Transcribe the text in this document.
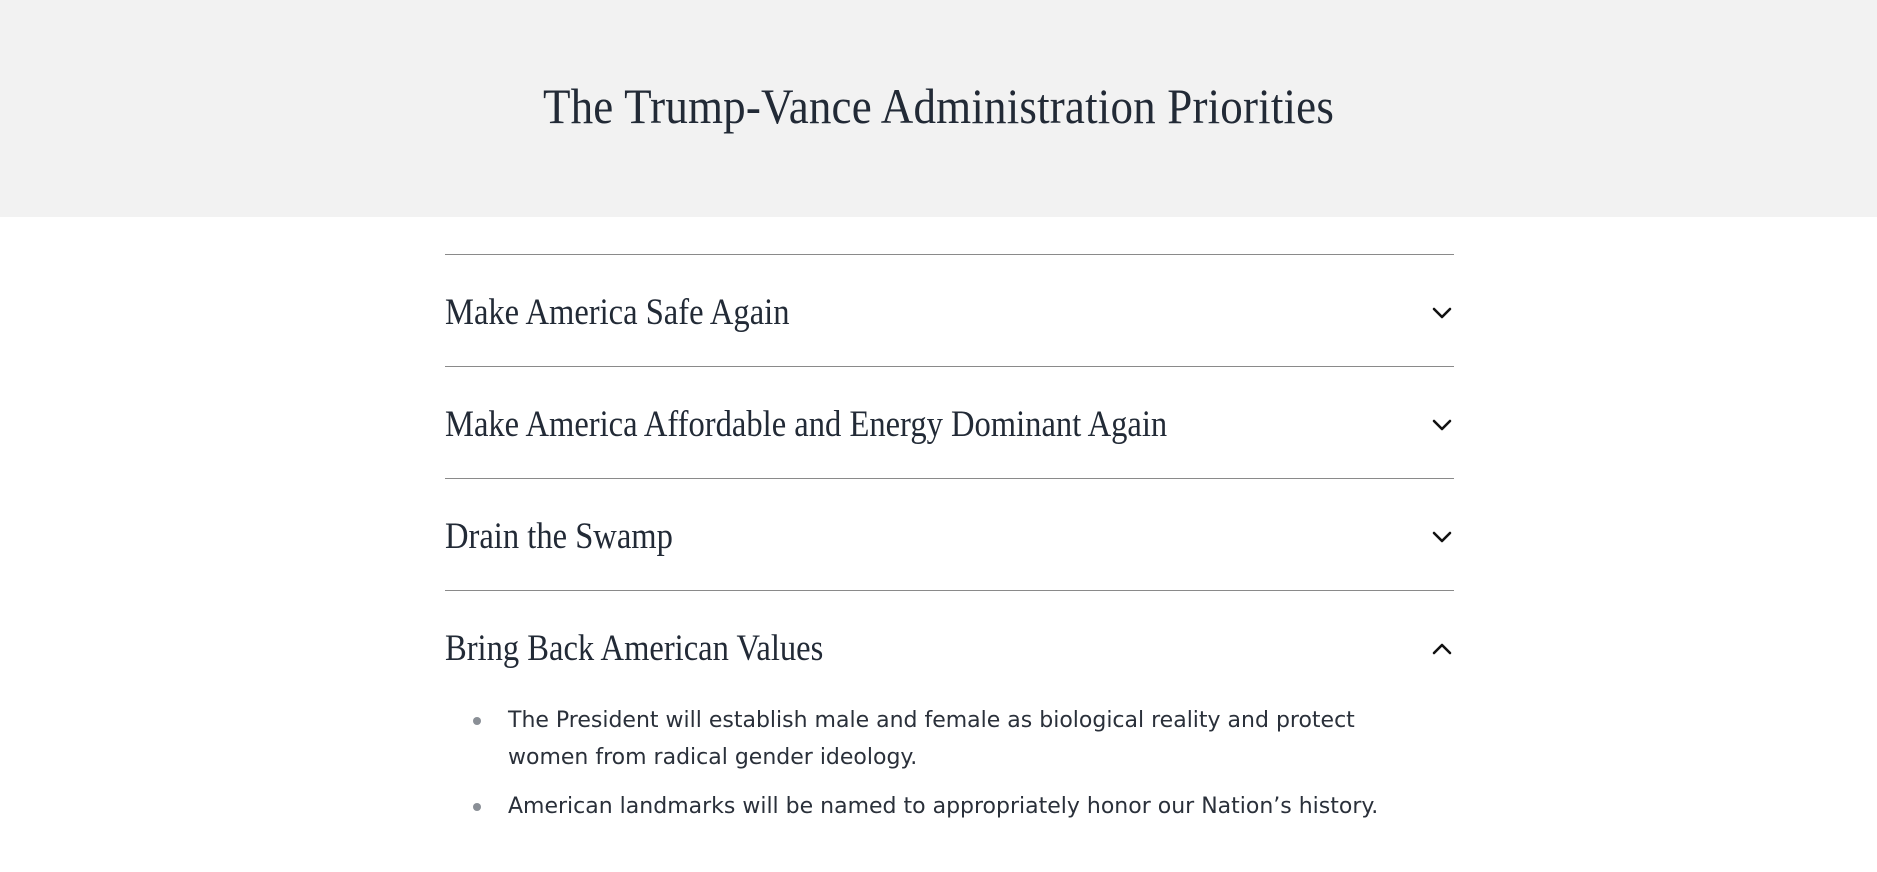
The Trump-Vance Administration Priorities
Make America Safe Again
Make America Affordable and Energy Dominant Again
Drain the Swamp
Bring Back American Values
The President will establish male and female as biological reality and protect women from radical gender ideology.
American landmarks will be named to appropriately honor our Nation’s history.
